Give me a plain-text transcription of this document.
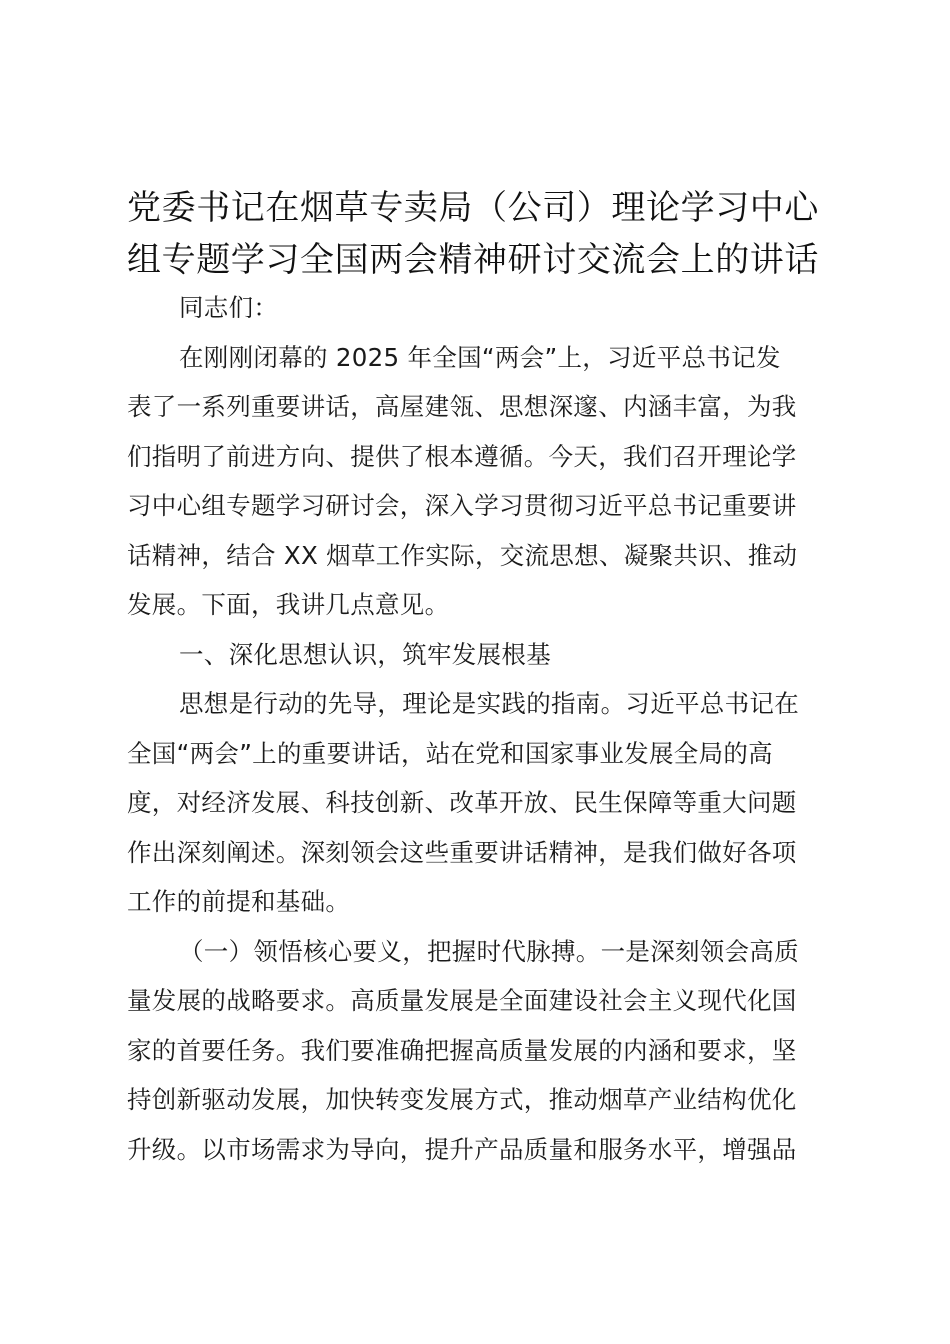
党委书记在烟草专卖局（公司）理论学习中心
组专题学习全国两会精神研讨交流会上的讲话
同志们：
在刚刚闭幕的 2025 年全国“两会”上，习近平总书记发
表了一系列重要讲话，高屋建瓴、思想深邃、内涵丰富，为我
们指明了前进方向、提供了根本遵循。今天，我们召开理论学
习中心组专题学习研讨会，深入学习贯彻习近平总书记重要讲
话精神，结合 XX 烟草工作实际，交流思想、凝聚共识、推动
发展。下面，我讲几点意见。
一、深化思想认识，筑牢发展根基
思想是行动的先导，理论是实践的指南。习近平总书记在
全国“两会”上的重要讲话，站在党和国家事业发展全局的高
度，对经济发展、科技创新、改革开放、民生保障等重大问题
作出深刻阐述。深刻领会这些重要讲话精神，是我们做好各项
工作的前提和基础。
（一）领悟核心要义，把握时代脉搏。一是深刻领会高质
量发展的战略要求。高质量发展是全面建设社会主义现代化国
家的首要任务。我们要准确把握高质量发展的内涵和要求，坚
持创新驱动发展，加快转变发展方式，推动烟草产业结构优化
升级。以市场需求为导向，提升产品质量和服务水平，增强品
